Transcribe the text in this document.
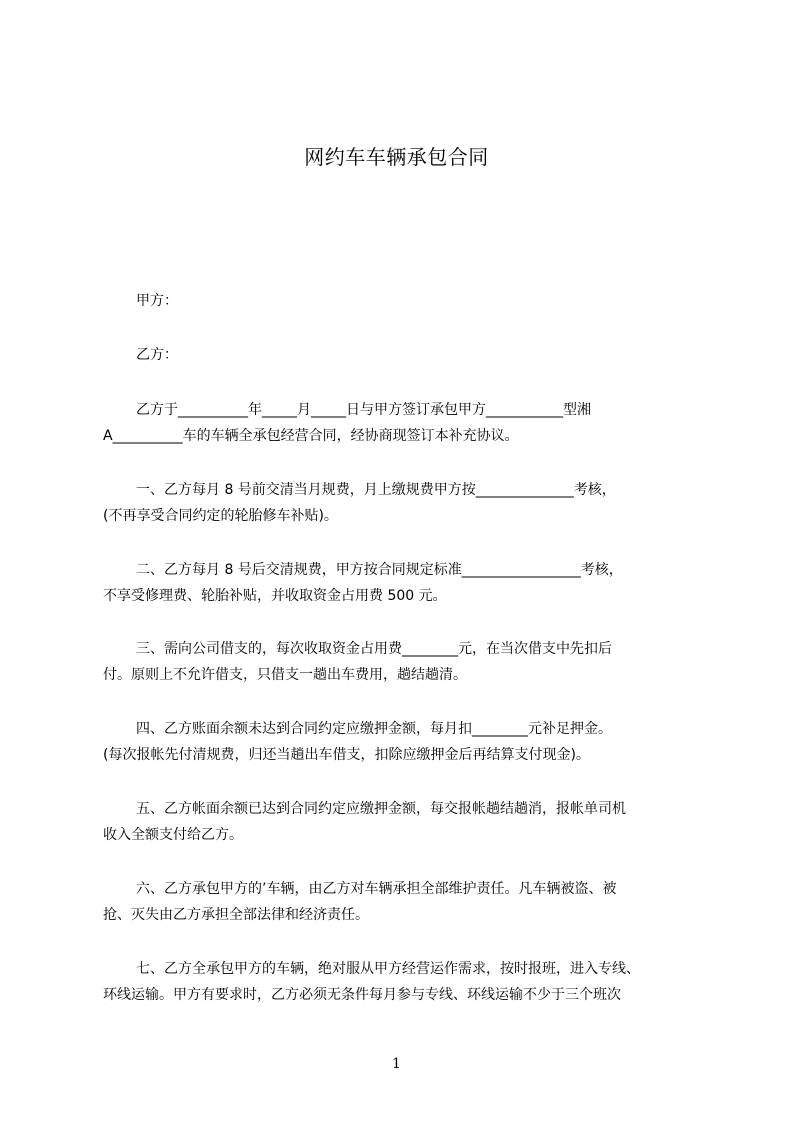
网约车车辆承包合同
甲方：
乙方：
乙方于__________年_____月_____日与甲方签订承包甲方___________型湘
A__________车的车辆全承包经营合同，经协商现签订本补充协议。
一、乙方每月 8 号前交清当月规费，月上缴规费甲方按______________考核，
(不再享受合同约定的轮胎修车补贴)。
二、乙方每月 8 号后交清规费，甲方按合同规定标准_________________考核，
不享受修理费、轮胎补贴，并收取资金占用费 500 元。
三、需向公司借支的，每次收取资金占用费________元，在当次借支中先扣后
付。原则上不允许借支，只借支一趟出车费用，趟结趟清。
四、乙方账面余额未达到合同约定应缴押金额，每月扣________元补足押金。
(每次报帐先付清规费，归还当趟出车借支，扣除应缴押金后再结算支付现金)。
五、乙方帐面余额已达到合同约定应缴押金额，每交报帐趟结趟消，报帐单司机
收入全额支付给乙方。
六、乙方承包甲方的’车辆，由乙方对车辆承担全部维护责任。凡车辆被盗、被
抢、灭失由乙方承担全部法律和经济责任。
七、乙方全承包甲方的车辆，绝对服从甲方经营运作需求，按时报班，进入专线、
环线运输。甲方有要求时，乙方必须无条件每月参与专线、环线运输不少于三个班次
1
